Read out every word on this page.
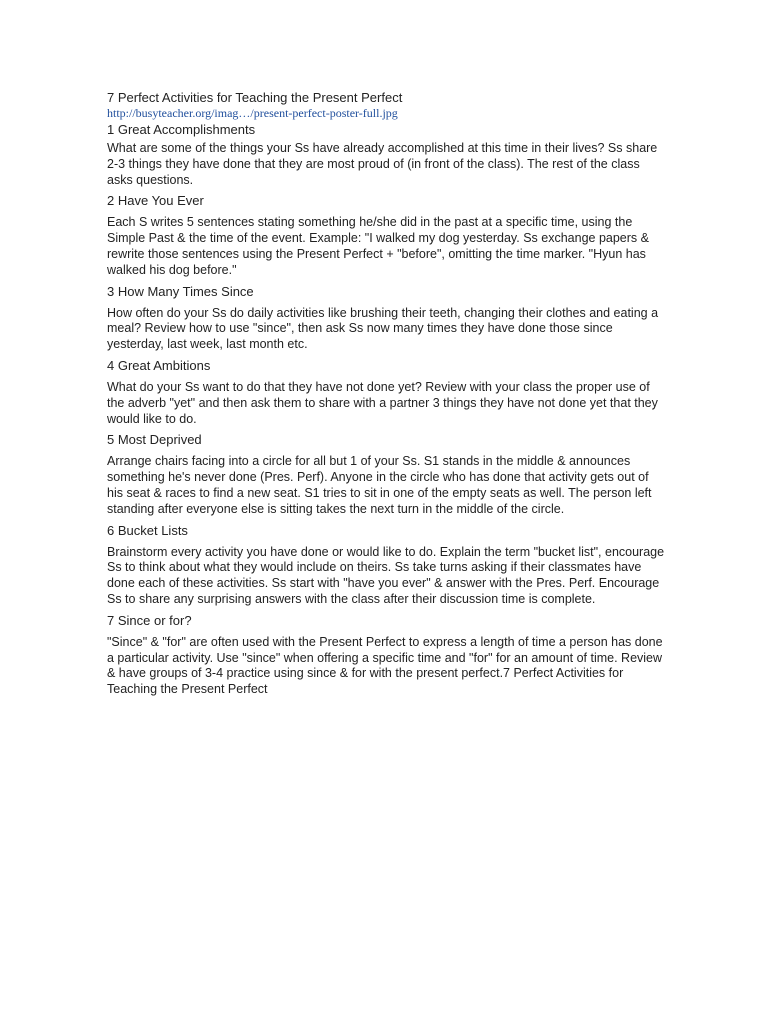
7 Perfect Activities for Teaching the Present Perfect

http://busyteacher.org/imag…/present-perfect-poster-full.jpg

1 Great Accomplishments

What are some of the things your Ss have already accomplished at this time in their lives? Ss share 2-3 things they have done that they are most proud of (in front of the class). The rest of the class asks questions.

2 Have You Ever

Each S writes 5 sentences stating something he/she did in the past at a specific time, using the Simple Past & the time of the event. Example: "I walked my dog yesterday. Ss exchange papers & rewrite those sentences using the Present Perfect + "before", omitting the time marker. "Hyun has walked his dog before."

3 How Many Times Since

How often do your Ss do daily activities like brushing their teeth, changing their clothes and eating a meal? Review how to use "since", then ask Ss now many times they have done those since yesterday, last week, last month etc.

4 Great Ambitions

What do your Ss want to do that they have not done yet? Review with your class the proper use of the adverb "yet" and then ask them to share with a partner 3 things they have not done yet that they would like to do.

5 Most Deprived

Arrange chairs facing into a circle for all but 1 of your Ss. S1 stands in the middle & announces something he's never done (Pres. Perf). Anyone in the circle who has done that activity gets out of his seat & races to find a new seat. S1 tries to sit in one of the empty seats as well. The person left standing after everyone else is sitting takes the next turn in the middle of the circle.

6 Bucket Lists

Brainstorm every activity you have done or would like to do. Explain the term "bucket list", encourage Ss to think about what they would include on theirs. Ss take turns asking if their classmates have done each of these activities. Ss start with "have you ever" & answer with the Pres. Perf. Encourage Ss to share any surprising answers with the class after their discussion time is complete.

7 Since or for?

"Since" & "for" are often used with the Present Perfect to express a length of time a person has done a particular activity. Use "since" when offering a specific time and "for" for an amount of time. Review & have groups of 3-4 practice using since & for with the present perfect.7 Perfect Activities for Teaching the Present Perfect
